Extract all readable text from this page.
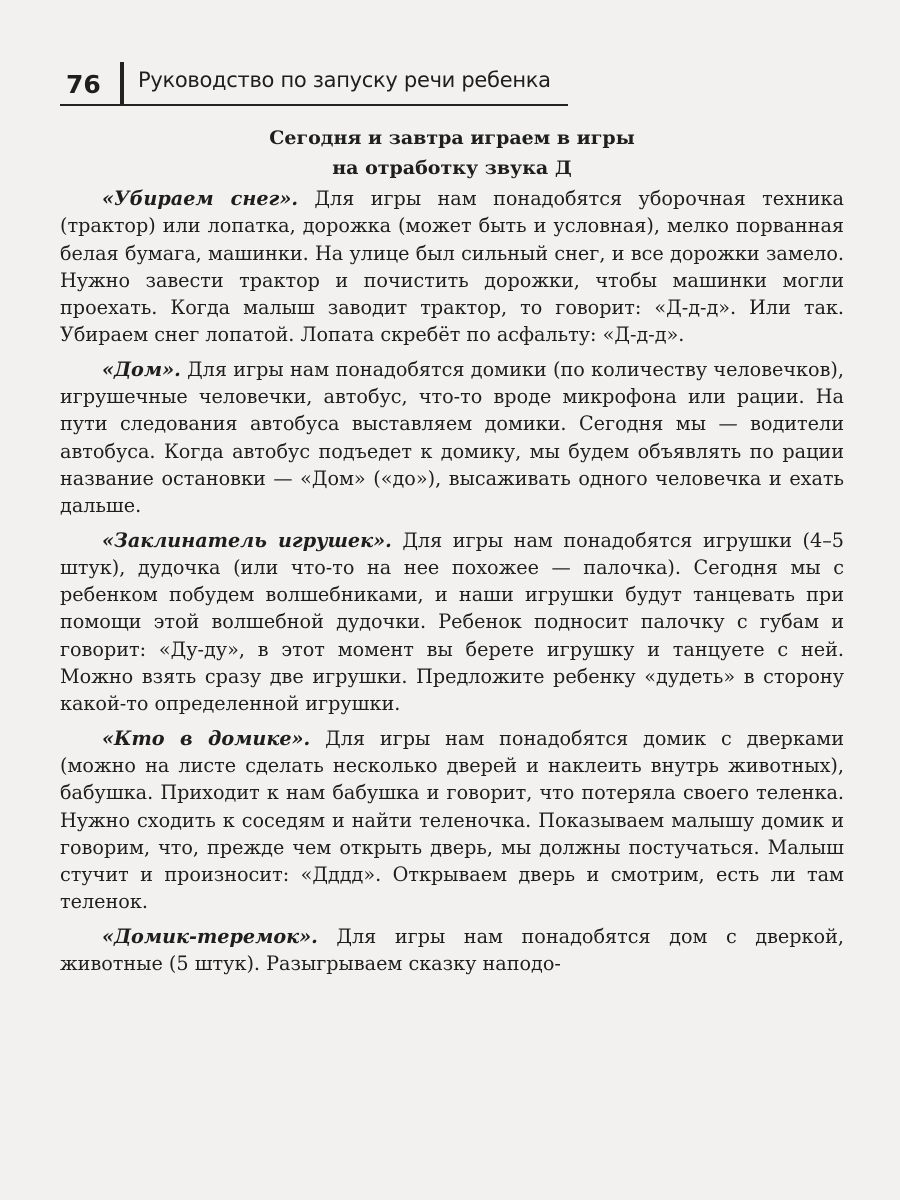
76 Руководство по запуску речи ребенка
Сегодня и завтра играем в игры
на отработку звука Д

«Убираем снег». Для игры нам понадобятся уборочная техника (трактор) или лопатка, дорожка (может быть и условная), мелко порванная белая бумага, машинки. На улице был сильный снег, и все дорожки замело. Нужно завести трактор и почистить дорожки, чтобы машинки могли проехать. Когда малыш заводит трактор, то говорит: «Д-д-д». Или так. Убираем снег лопатой. Лопата скребёт по асфальту: «Д-д-д».

«Дом». Для игры нам понадобятся домики (по количеству человечков), игрушечные человечки, автобус, что-то вроде микрофона или рации. На пути следования автобуса выставляем домики. Сегодня мы — водители автобуса. Когда автобус подъедет к домику, мы будем объявлять по рации название остановки — «Дом» («до»), высаживать одного человечка и ехать дальше.

«Заклинатель игрушек». Для игры нам понадобятся игрушки (4–5 штук), дудочка (или что-то на нее похожее — палочка). Сегодня мы с ребенком побудем волшебниками, и наши игрушки будут танцевать при помощи этой волшебной дудочки. Ребенок подносит палочку с губам и говорит: «Ду-ду», в этот момент вы берете игрушку и танцуете с ней. Можно взять сразу две игрушки. Предложите ребенку «дудеть» в сторону какой-то определенной игрушки.

«Кто в домике». Для игры нам понадобятся домик с дверками (можно на листе сделать несколько дверей и наклеить внутрь животных), бабушка. Приходит к нам бабушка и говорит, что потеряла своего теленка. Нужно сходить к соседям и найти теленочка. Показываем малышу домик и говорим, что, прежде чем открыть дверь, мы должны постучаться. Малыш стучит и произносит: «Дддд». Открываем дверь и смотрим, есть ли там теленок.

«Домик-теремок». Для игры нам понадобятся дом с дверкой, животные (5 штук). Разыгрываем сказку наподо-
